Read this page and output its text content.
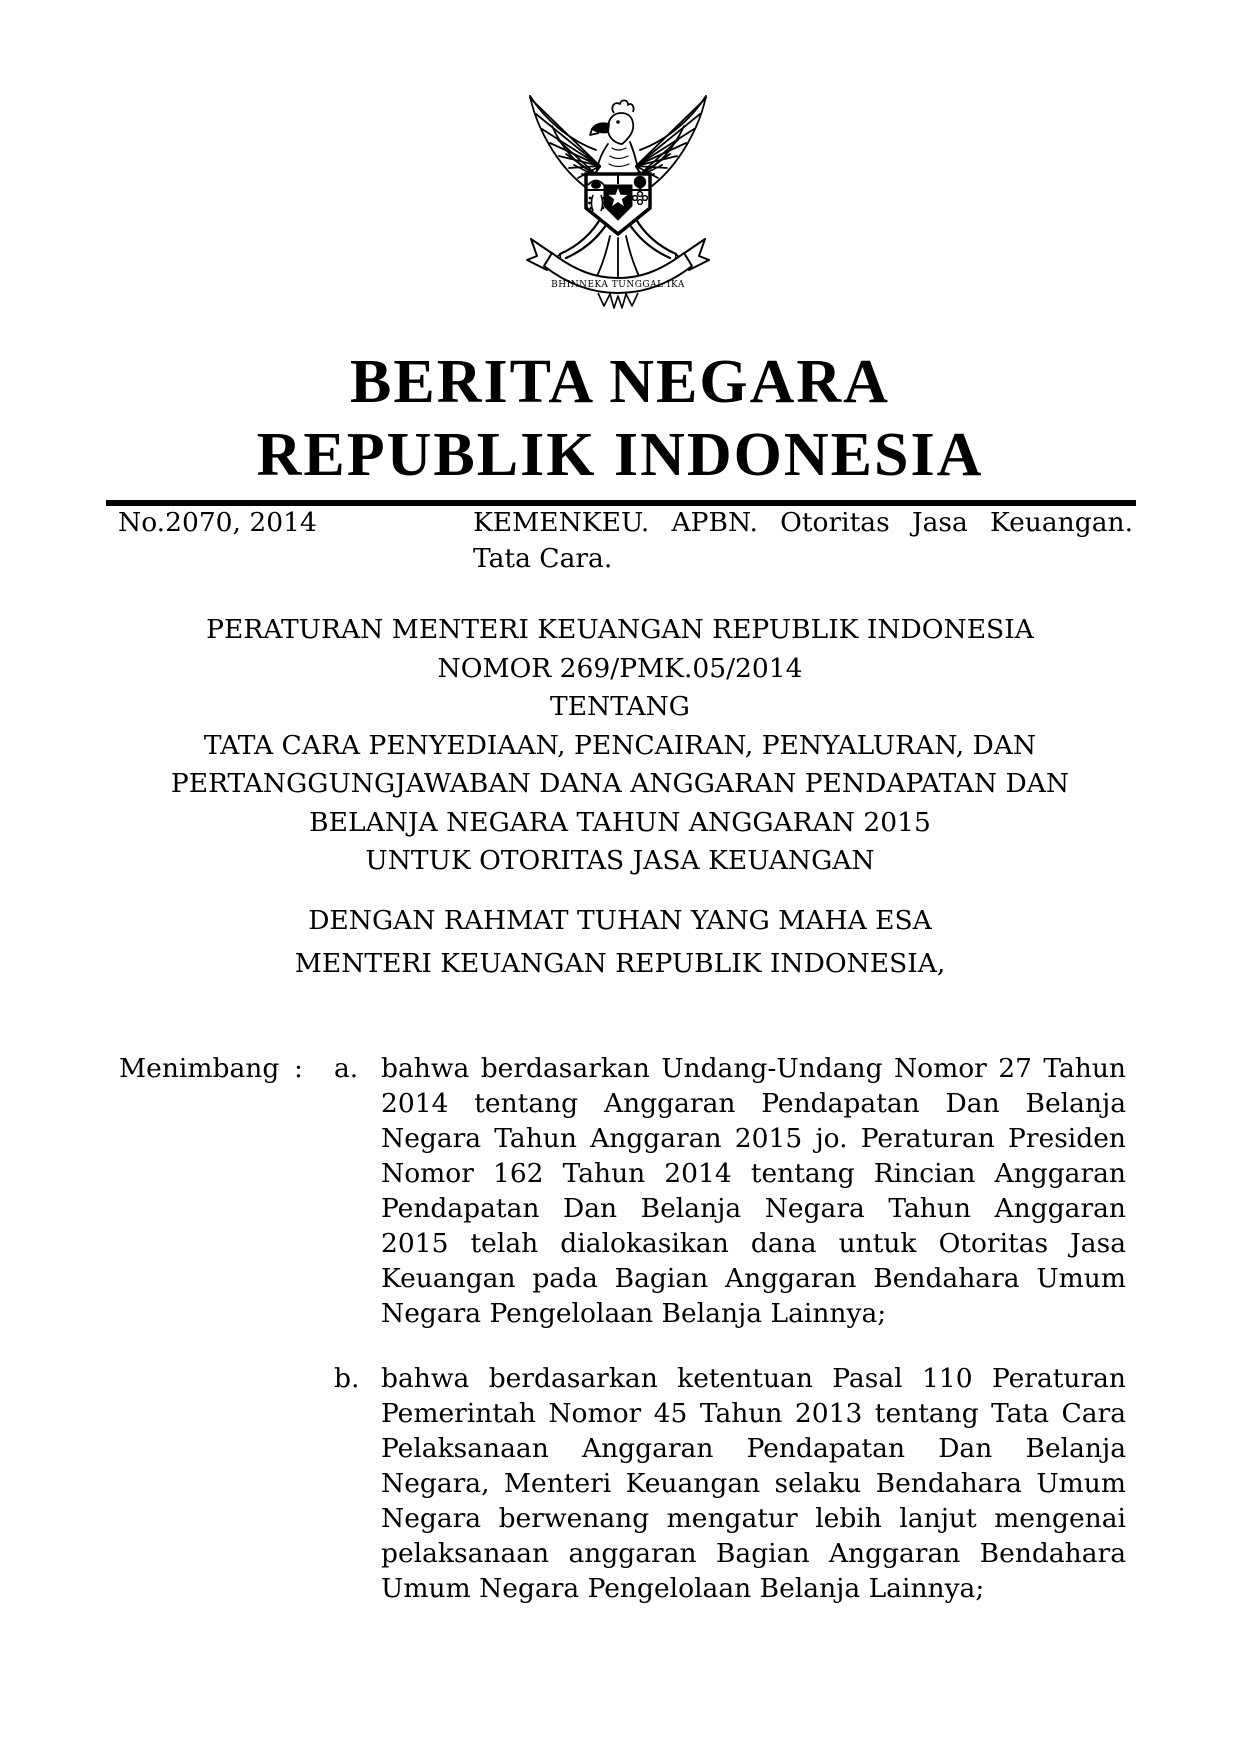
BHINNEKA TUNGGAL IKA
BERITA NEGARA
REPUBLIK INDONESIA
No.2070, 2014	KEMENKEU. APBN. Otoritas Jasa Keuangan.
Tata Cara.
PERATURAN MENTERI KEUANGAN REPUBLIK INDONESIA
NOMOR 269/PMK.05/2014
TENTANG
TATA CARA PENYEDIAAN, PENCAIRAN, PENYALURAN, DAN
PERTANGGUNGJAWABAN DANA ANGGARAN PENDAPATAN DAN
BELANJA NEGARA TAHUN ANGGARAN 2015
UNTUK OTORITAS JASA KEUANGAN
DENGAN RAHMAT TUHAN YANG MAHA ESA
MENTERI KEUANGAN REPUBLIK INDONESIA,
Menimbang :	a. bahwa berdasarkan Undang-Undang Nomor 27 Tahun 2014 tentang Anggaran Pendapatan Dan Belanja Negara Tahun Anggaran 2015 jo. Peraturan Presiden Nomor 162 Tahun 2014 tentang Rincian Anggaran Pendapatan Dan Belanja Negara Tahun Anggaran 2015 telah dialokasikan dana untuk Otoritas Jasa Keuangan pada Bagian Anggaran Bendahara Umum Negara Pengelolaan Belanja Lainnya;
b. bahwa berdasarkan ketentuan Pasal 110 Peraturan Pemerintah Nomor 45 Tahun 2013 tentang Tata Cara Pelaksanaan Anggaran Pendapatan Dan Belanja Negara, Menteri Keuangan selaku Bendahara Umum Negara berwenang mengatur lebih lanjut mengenai pelaksanaan anggaran Bagian Anggaran Bendahara Umum Negara Pengelolaan Belanja Lainnya;
